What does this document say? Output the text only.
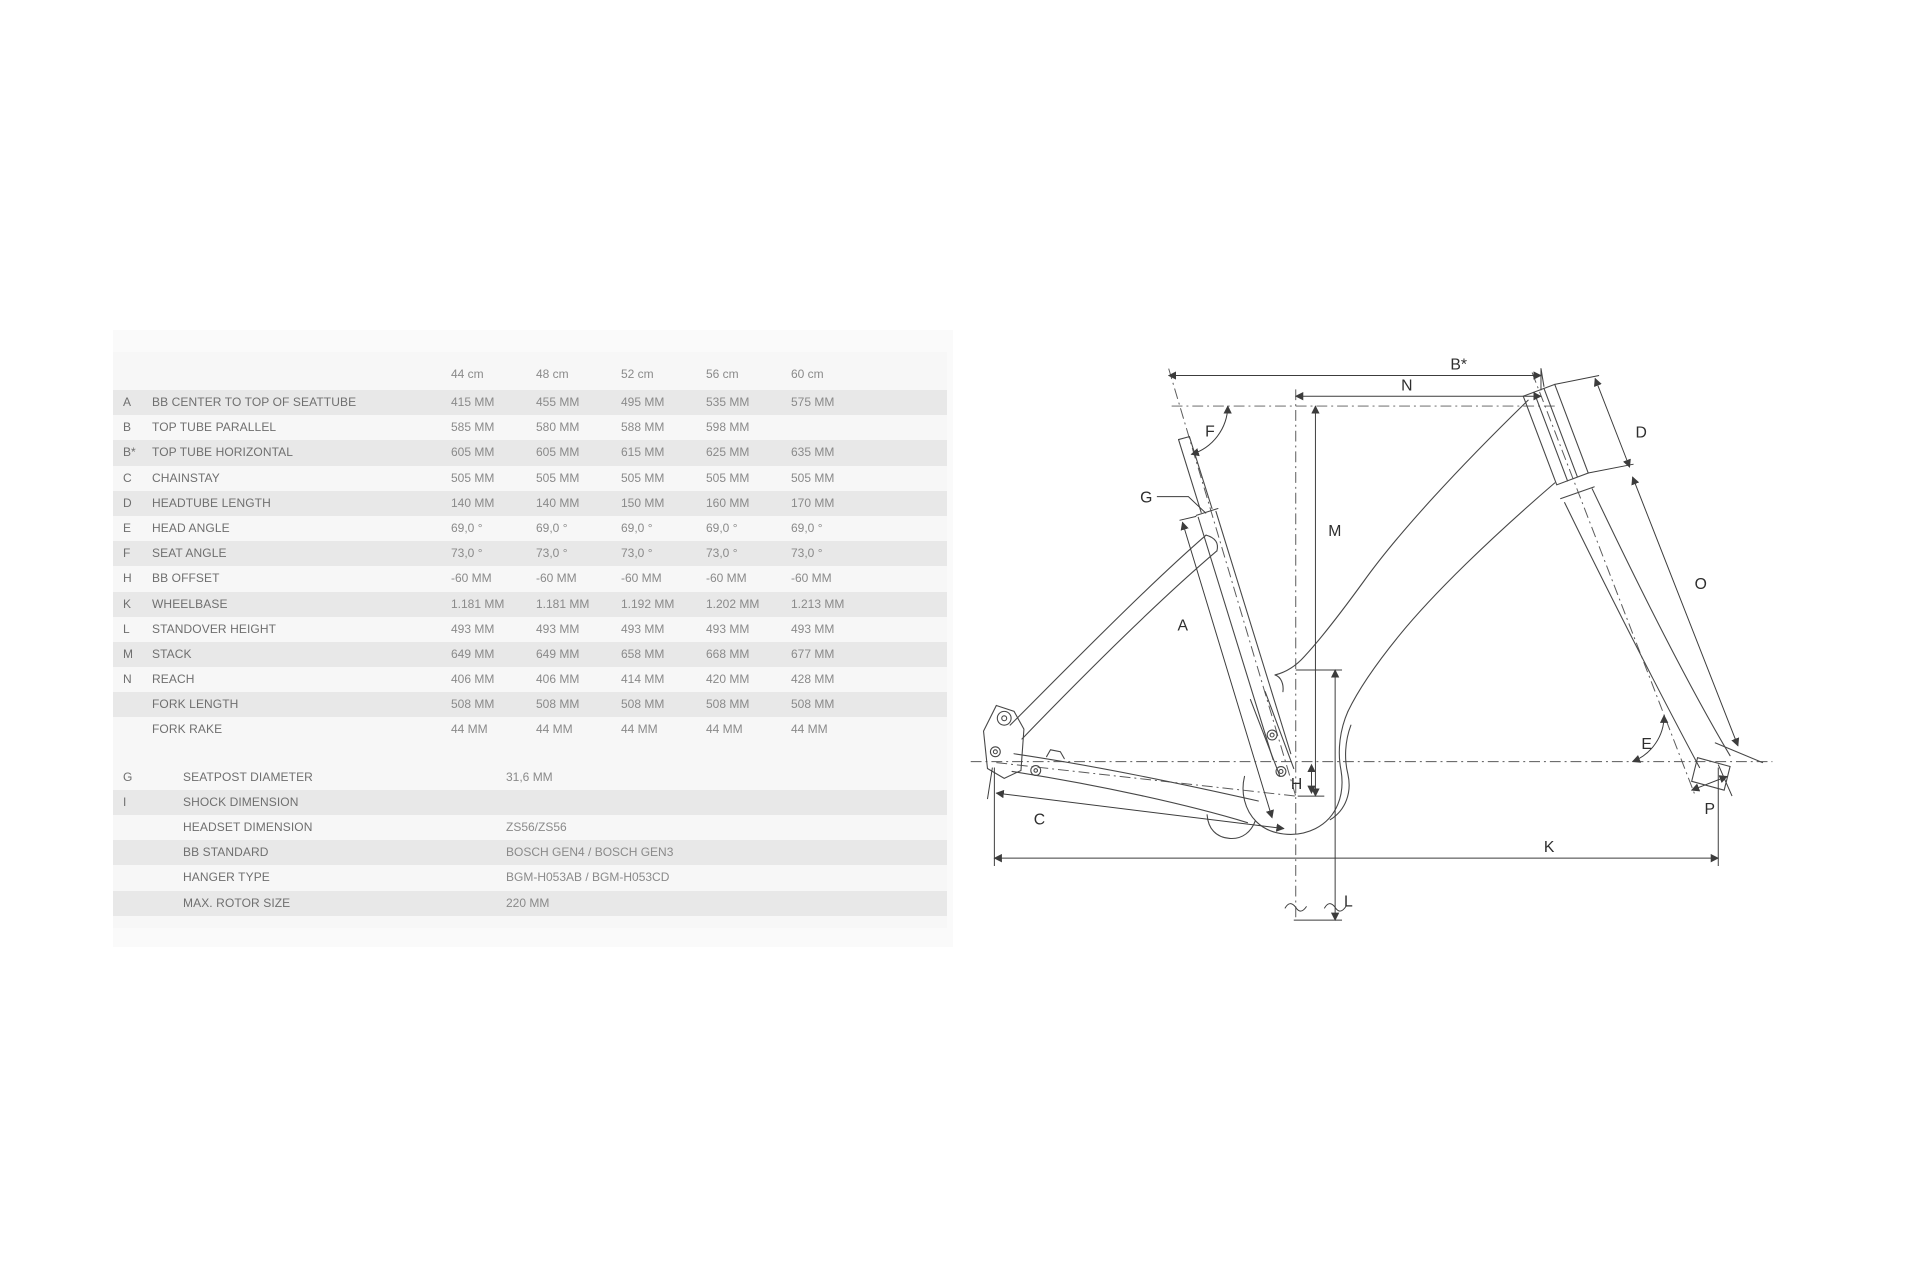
44 cm	48 cm	52 cm	56 cm	60 cm
A	BB CENTER TO TOP OF SEATTUBE	415 MM	455 MM	495 MM	535 MM	575 MM
B	TOP TUBE PARALLEL	585 MM	580 MM	588 MM	598 MM
B*	TOP TUBE HORIZONTAL	605 MM	605 MM	615 MM	625 MM	635 MM
C	CHAINSTAY	505 MM	505 MM	505 MM	505 MM	505 MM
D	HEADTUBE LENGTH	140 MM	140 MM	150 MM	160 MM	170 MM
E	HEAD ANGLE	69,0 °	69,0 °	69,0 °	69,0 °	69,0 °
F	SEAT ANGLE	73,0 °	73,0 °	73,0 °	73,0 °	73,0 °
H	BB OFFSET	-60 MM	-60 MM	-60 MM	-60 MM	-60 MM
K	WHEELBASE	1.181 MM	1.181 MM	1.192 MM	1.202 MM	1.213 MM
L	STANDOVER HEIGHT	493 MM	493 MM	493 MM	493 MM	493 MM
M	STACK	649 MM	649 MM	658 MM	668 MM	677 MM
N	REACH	406 MM	406 MM	414 MM	420 MM	428 MM
FORK LENGTH	508 MM	508 MM	508 MM	508 MM	508 MM
FORK RAKE	44 MM	44 MM	44 MM	44 MM	44 MM
G	SEATPOST DIAMETER	31,6 MM
I	SHOCK DIMENSION
HEADSET DIMENSION	ZS56/ZS56
BB STANDARD	BOSCH GEN4 / BOSCH GEN3
HANGER TYPE	BGM-H053AB / BGM-H053CD
MAX. ROTOR SIZE	220 MM
B*
N
F
G
D
M
A
O
E
H
C
K
L
P
